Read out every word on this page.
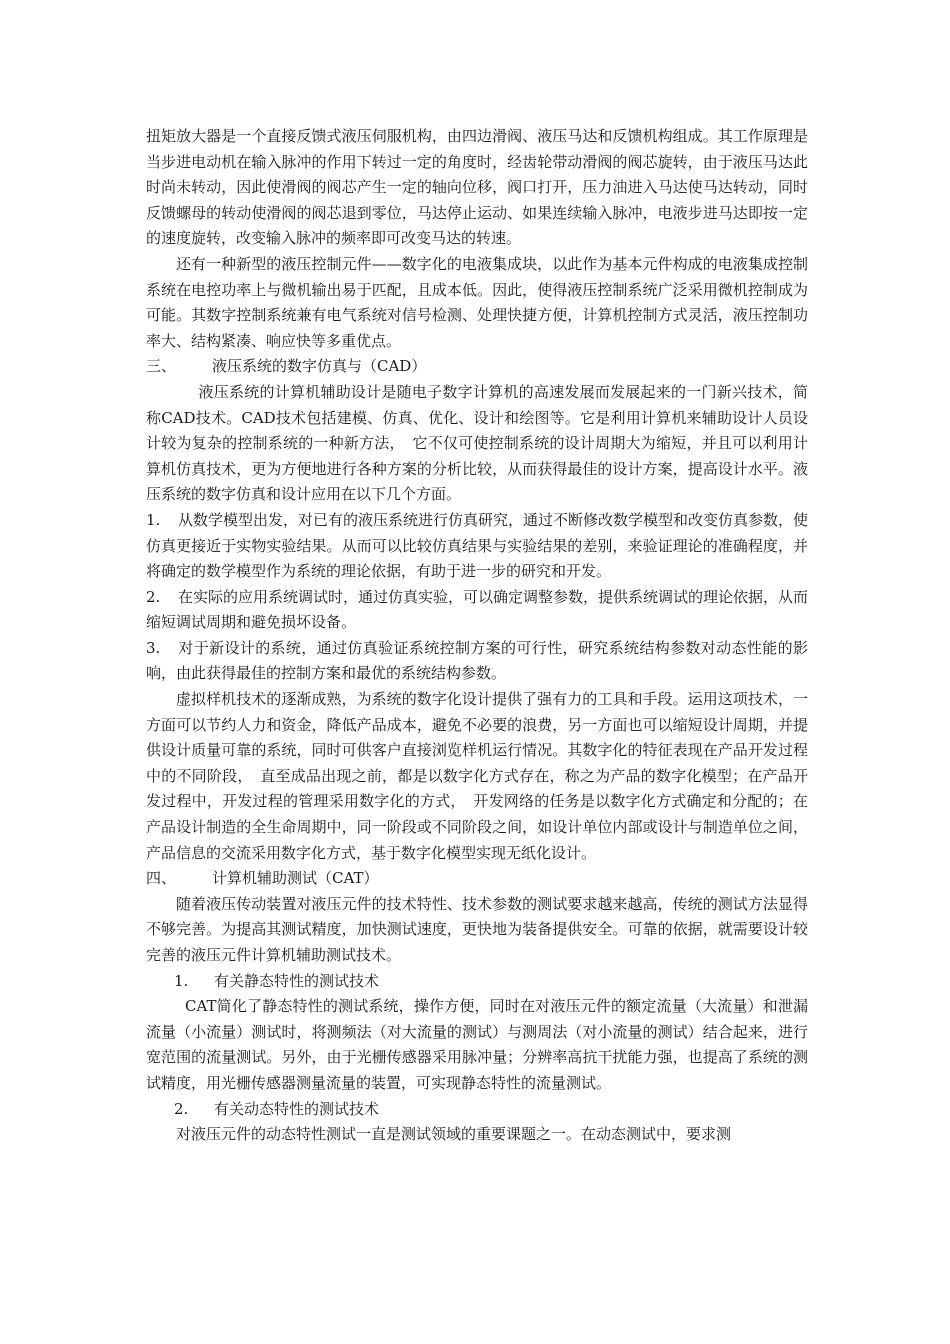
扭矩放大器是一个直接反馈式液压伺服机构，由四边滑阀、液压马达和反馈机构组成。其工作原理是当步进电动机在输入脉冲的作用下转过一定的角度时，经齿轮带动滑阀的阀芯旋转，由于液压马达此时尚未转动，因此使滑阀的阀芯产生一定的轴向位移，阀口打开，压力油进入马达使马达转动，同时反馈螺母的转动使滑阀的阀芯退到零位，马达停止运动、如果连续输入脉冲，电液步进马达即按一定的速度旋转，改变输入脉冲的频率即可改变马达的转速。

还有一种新型的液压控制元件——数字化的电液集成块，以此作为基本元件构成的电液集成控制系统在电控功率上与微机输出易于匹配，且成本低。因此，使得液压控制系统广泛采用微机控制成为可能。其数字控制系统兼有电气系统对信号检测、处理快捷方便，计算机控制方式灵活，液压控制功率大、结构紧凑、响应快等多重优点。

三、 液压系统的数字仿真与（CAD）

液压系统的计算机辅助设计是随电子数字计算机的高速发展而发展起来的一门新兴技术，简称CAD技术。CAD技术包括建模、仿真、优化、设计和绘图等。它是利用计算机来辅助设计人员设计较为复杂的控制系统的一种新方法，　它不仅可使控制系统的设计周期大为缩短，并且可以利用计算机仿真技术，更为方便地进行各种方案的分析比较，从而获得最佳的设计方案，提高设计水平。液压系统的数字仿真和设计应用在以下几个方面。

1. 从数学模型出发，对已有的液压系统进行仿真研究，通过不断修改数学模型和改变仿真参数，使仿真更接近于实物实验结果。从而可以比较仿真结果与实验结果的差别，来验证理论的准确程度，并将确定的数学模型作为系统的理论依据，有助于进一步的研究和开发。

2. 在实际的应用系统调试时，通过仿真实验，可以确定调整参数，提供系统调试的理论依据，从而缩短调试周期和避免损坏设备。

3. 对于新设计的系统，通过仿真验证系统控制方案的可行性，研究系统结构参数对动态性能的影响，由此获得最佳的控制方案和最优的系统结构参数。

虚拟样机技术的逐渐成熟，为系统的数字化设计提供了强有力的工具和手段。运用这项技术，一方面可以节约人力和资金，降低产品成本，避免不必要的浪费，另一方面也可以缩短设计周期，并提供设计质量可靠的系统，同时可供客户直接浏览样机运行情况。其数字化的特征表现在产品开发过程中的不同阶段，　直至成品出现之前，都是以数字化方式存在，称之为产品的数字化模型；在产品开发过程中，开发过程的管理采用数字化的方式，　开发网络的任务是以数字化方式确定和分配的；在产品设计制造的全生命周期中，同一阶段或不同阶段之间，如设计单位内部或设计与制造单位之间，产品信息的交流采用数字化方式，基于数字化模型实现无纸化设计。

四、 计算机辅助测试（CAT）

随着液压传动装置对液压元件的技术特性、技术参数的测试要求越来越高，传统的测试方法显得不够完善。为提高其测试精度，加快测试速度，更快地为装备提供安全。可靠的依据，就需要设计较完善的液压元件计算机辅助测试技术。

1. 有关静态特性的测试技术

CAT简化了静态特性的测试系统，操作方便，同时在对液压元件的额定流量（大流量）和泄漏流量（小流量）测试时，将测频法（对大流量的测试）与测周法（对小流量的测试）结合起来，进行宽范围的流量测试。另外，由于光栅传感器采用脉冲量；分辨率高抗干扰能力强，也提高了系统的测试精度，用光栅传感器测量流量的装置，可实现静态特性的流量测试。

2. 有关动态特性的测试技术

对液压元件的动态特性测试一直是测试领域的重要课题之一。在动态测试中，要求测
